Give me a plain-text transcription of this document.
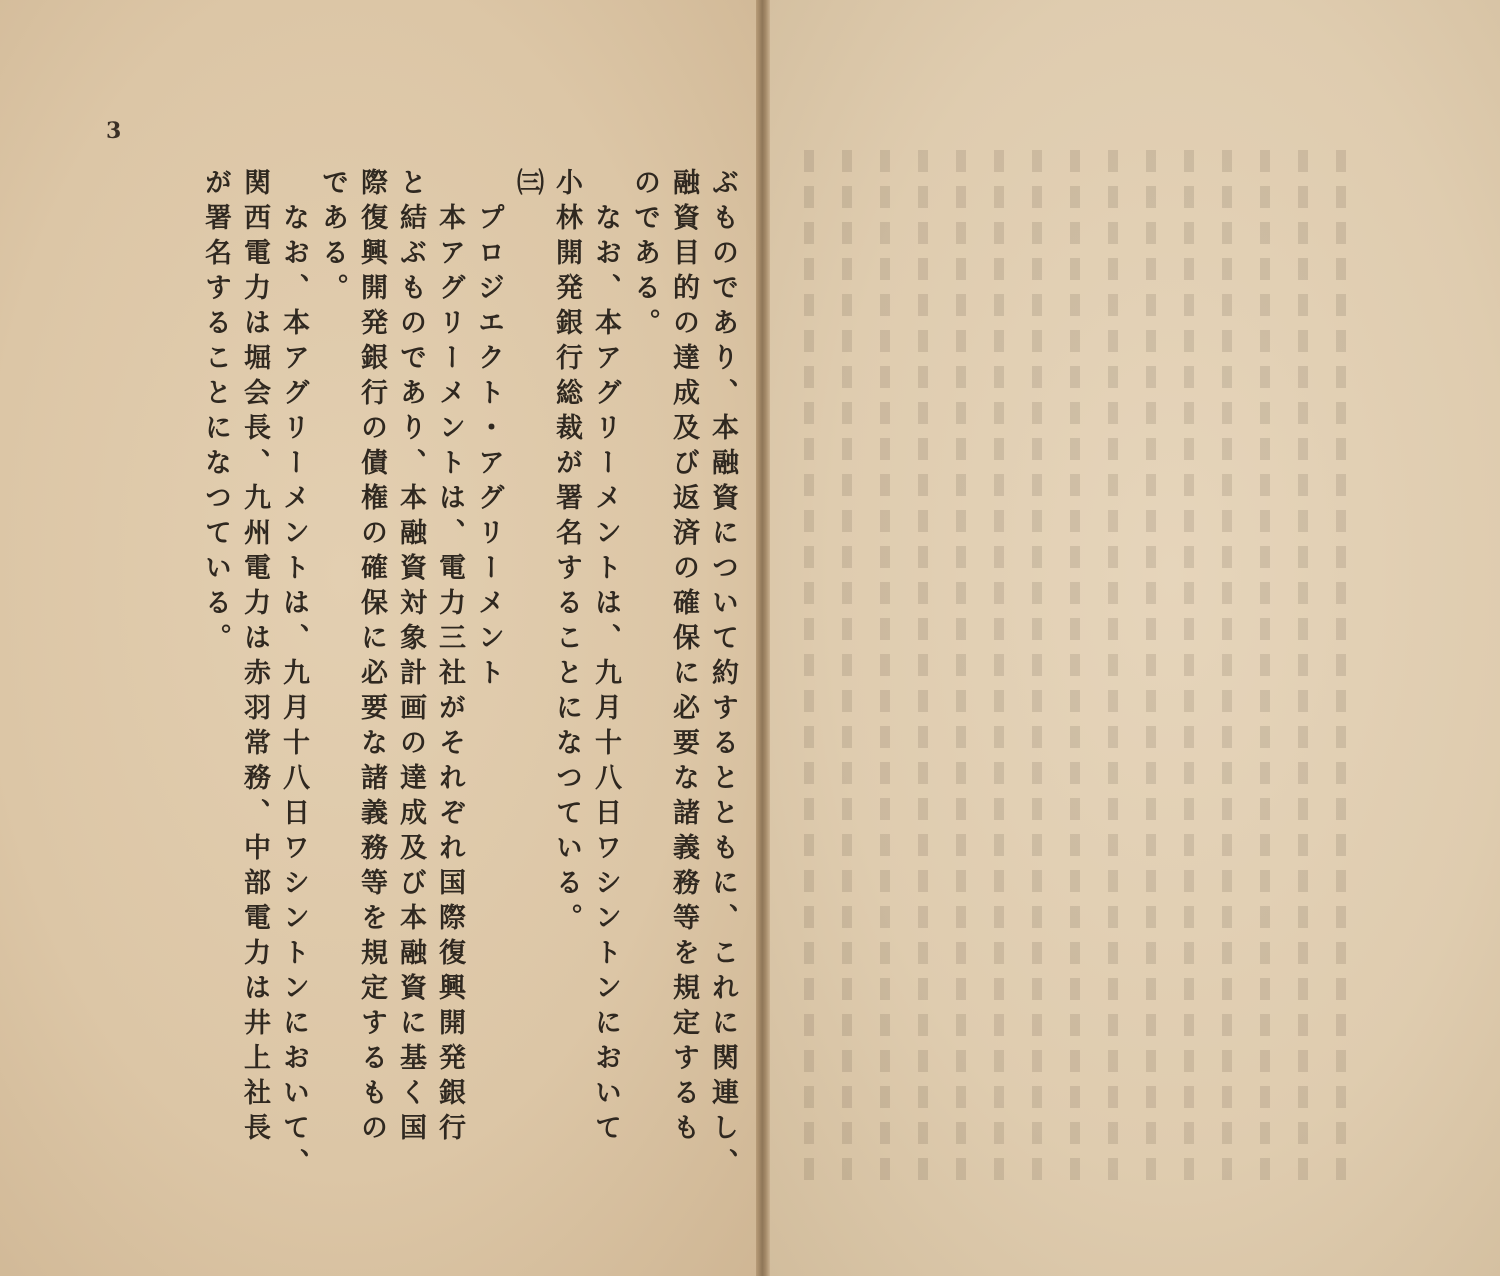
3
ぶものであり、本融資について約するとともに、これに関連し、
融資目的の達成及び返済の確保に必要な諸義務等を規定するも
のである。
なお、本アグリーメントは、九月十八日ワシントンにおいて
小林開発銀行総裁が署名することになつている。
㈢
プロジエクト・アグリーメント
本アグリーメントは、電力三社がそれぞれ国際復興開発銀行
と結ぶものであり、本融資対象計画の達成及び本融資に基く国
際復興開発銀行の債権の確保に必要な諸義務等を規定するもの
である。
なお、本アグリーメントは、九月十八日ワシントンにおいて、
関西電力は堀会長、九州電力は赤羽常務、中部電力は井上社長
が署名することになつている。
